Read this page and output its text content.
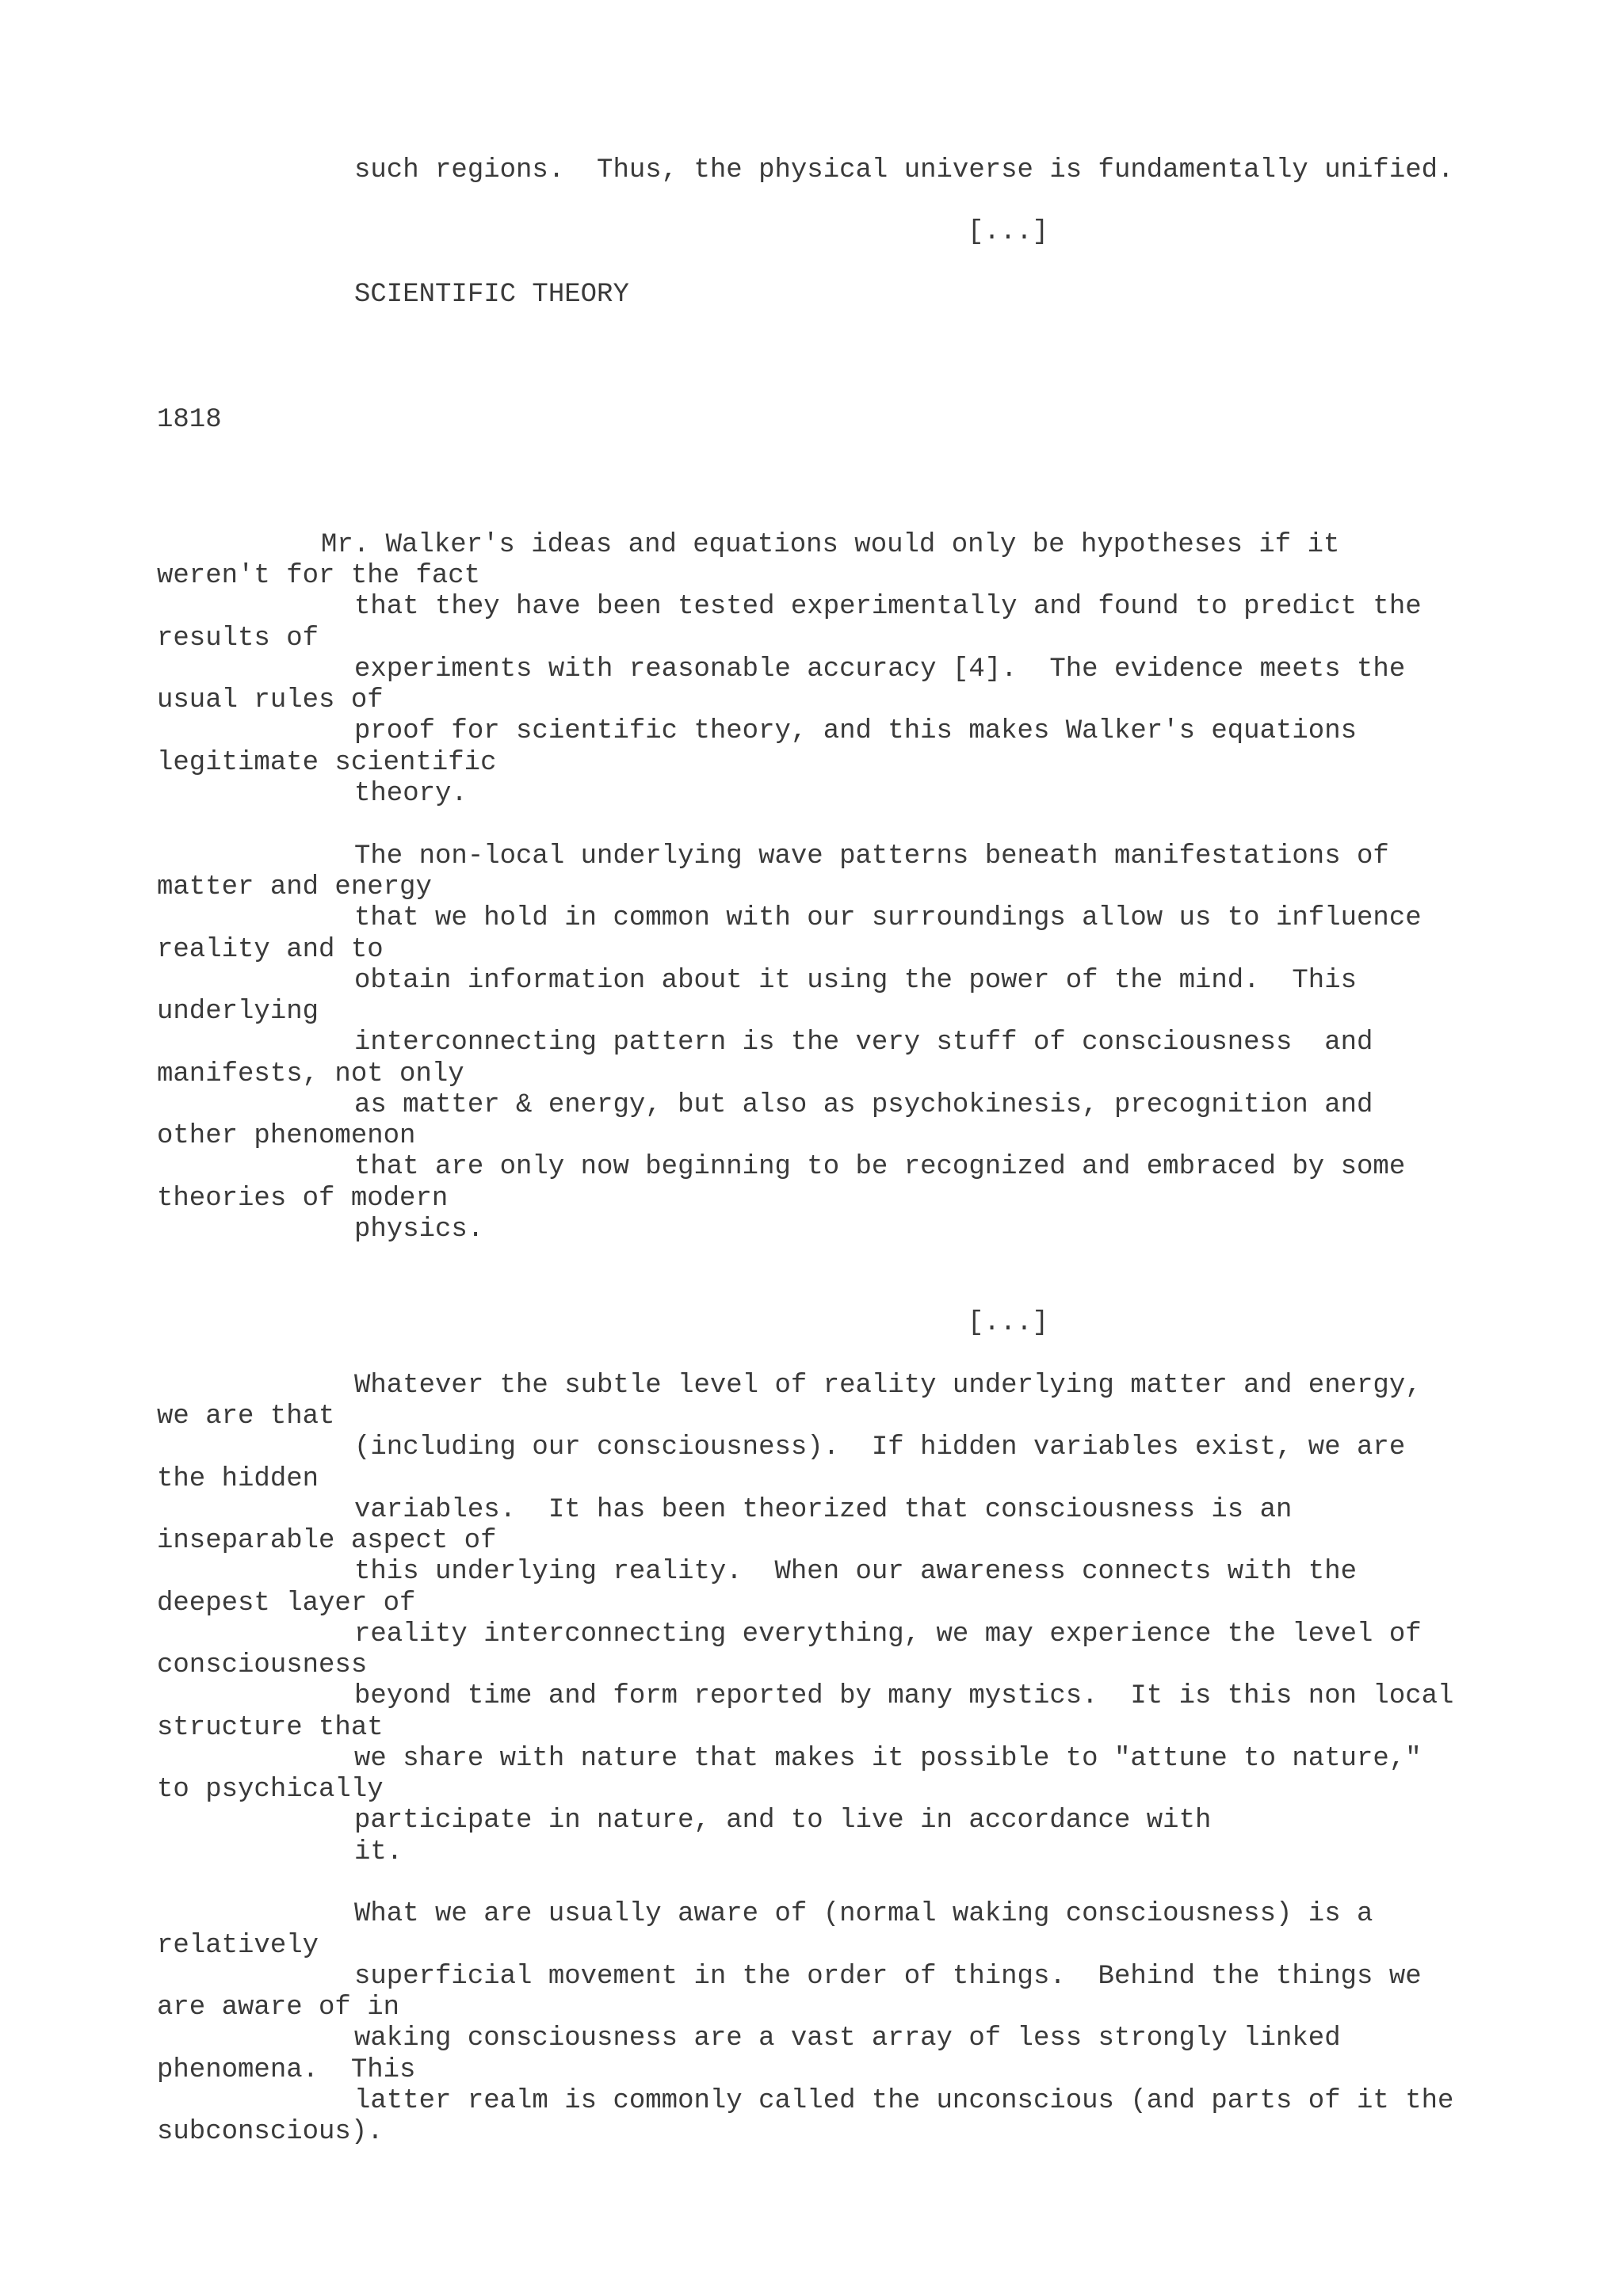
such regions.  Thus, the physical universe is fundamentally unified.

[...]

SCIENTIFIC THEORY

1818

Mr. Walker's ideas and equations would only be hypotheses if it

weren't for the fact

that they have been tested experimentally and found to predict the

results of

experiments with reasonable accuracy [4].  The evidence meets the

usual rules of

proof for scientific theory, and this makes Walker's equations

legitimate scientific

theory.

The non-local underlying wave patterns beneath manifestations of

matter and energy

that we hold in common with our surroundings allow us to influence

reality and to

obtain information about it using the power of the mind.  This

underlying

interconnecting pattern is the very stuff of consciousness  and

manifests, not only

as matter & energy, but also as psychokinesis, precognition and

other phenomenon

that are only now beginning to be recognized and embraced by some

theories of modern

physics.

[...]

Whatever the subtle level of reality underlying matter and energy,

we are that

(including our consciousness).  If hidden variables exist, we are

the hidden

variables.  It has been theorized that consciousness is an

inseparable aspect of

this underlying reality.  When our awareness connects with the

deepest layer of

reality interconnecting everything, we may experience the level of

consciousness

beyond time and form reported by many mystics.  It is this non local

structure that

we share with nature that makes it possible to "attune to nature,"

to psychically

participate in nature, and to live in accordance with

it.

What we are usually aware of (normal waking consciousness) is a

relatively

superficial movement in the order of things.  Behind the things we

are aware of in

waking consciousness are a vast array of less strongly linked

phenomena.  This

latter realm is commonly called the unconscious (and parts of it the

subconscious).
